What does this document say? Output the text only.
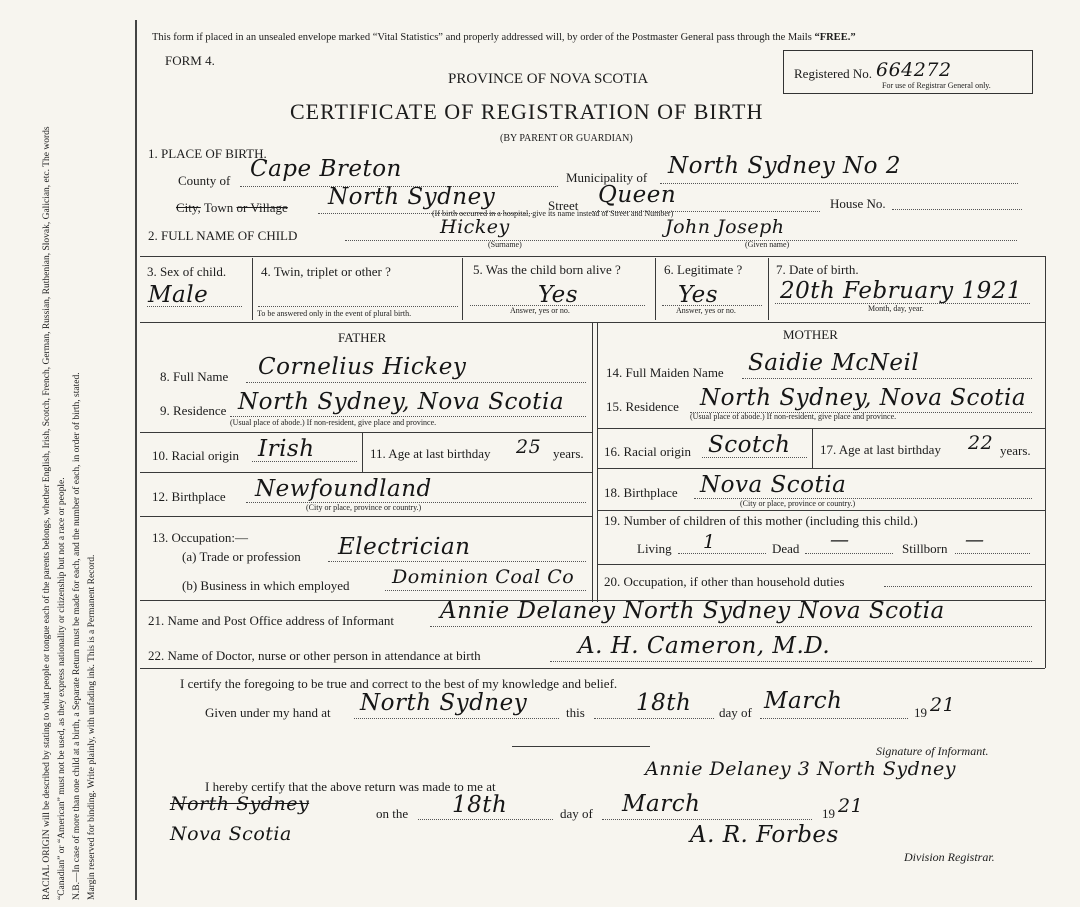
RACIAL ORIGIN will be described by stating to what people or tongue each of the parents belongs, whether English, Irish, Scotch, French, German, Russian, Ruthenian, Slovak, Galician, etc. The words “Canadian” or “American” must not be used, as they express nationality or citizenship but not a race or people. N.B.—In case of more than one child at a birth, a Separate Return must be made for each, and the number of each, in order of birth, stated. Margin reserved for binding. Write plainly, with unfading ink. This is a Permanent Record.
This form if placed in an unsealed envelope marked “Vital Statistics” and properly addressed will, by order of the Postmaster General pass through the Mails “FREE.”
FORM 4.
Registered No. 664272
For use of Registrar General only.
PROVINCE OF NOVA SCOTIA
CERTIFICATE OF REGISTRATION OF BIRTH
(BY PARENT OR GUARDIAN)
1. PLACE OF BIRTH.
County of Cape Breton	Municipality of North Sydney No 2
City, Town or Village North Sydney	Street Queen	House No.
(If birth occurred in a hospital, give its name instead of Street and Number)
2. FULL NAME OF CHILD	Hickey
(Surname)
John Joseph
(Given name)
3. Sex of child.
Male
4. Twin, triplet or other ?
To be answered only in the event of plural birth.
5. Was the child born alive ?
Yes
Answer, yes or no.
6. Legitimate ?
Yes
Answer, yes or no.
7. Date of birth.
20th February 1921
Month, day, year.
FATHER
8. Full Name Cornelius Hickey
9. Residence North Sydney, Nova Scotia
(Usual place of abode.) If non-resident, give place and province.
10. Racial origin Irish	11. Age at last birthday 25 years.
12. Birthplace Newfoundland
(City or place, province or country.)
13. Occupation:—
(a) Trade or profession Electrician
(b) Business in which employed Dominion Coal Co
MOTHER
14. Full Maiden Name Saidie McNeil
15. Residence North Sydney, Nova Scotia
(Usual place of abode.) If non-resident, give place and province.
16. Racial origin Scotch 17. Age at last birthday 22 years.
18. Birthplace Nova Scotia
(City or place, province or country.)
19. Number of children of this mother (including this child.)
Living 1	Dead —	Stillborn —
20. Occupation, if other than household duties
21. Name and Post Office address of Informant Annie Delaney North Sydney Nova Scotia
22. Name of Doctor, nurse or other person in attendance at birth	A. H. Cameron, M.D.
I certify the foregoing to be true and correct to the best of my knowledge and belief.
Given under my hand at North Sydney	this 18th day of March	19 21
Signature of Informant.
I hereby certify that the above return was made to me at
Annie Delaney 3 North Sydney
North Sydney
Nova Scotia
on the 18th	day of March	19 21
A. R. Forbes
Division Registrar.
